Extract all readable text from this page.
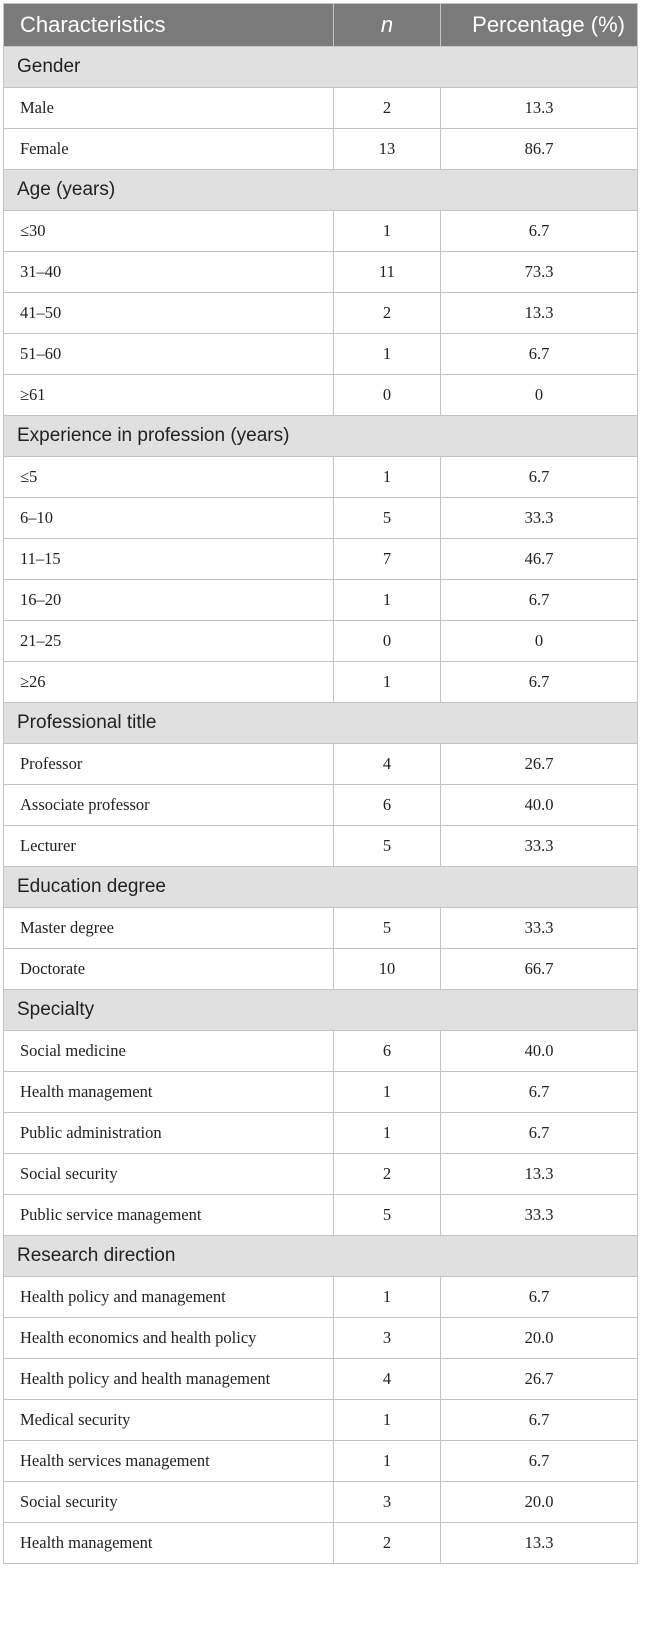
Characteristics	n	Percentage (%)
Gender		
Male	2	13.3
Female	13	86.7
Age (years)		
≤30	1	6.7
31–40	11	73.3
41–50	2	13.3
51–60	1	6.7
≥61	0	0
Experience in profession (years)		
≤5	1	6.7
6–10	5	33.3
11–15	7	46.7
16–20	1	6.7
21–25	0	0
≥26	1	6.7
Professional title		
Professor	4	26.7
Associate professor	6	40.0
Lecturer	5	33.3
Education degree		
Master degree	5	33.3
Doctorate	10	66.7
Specialty		
Social medicine	6	40.0
Health management	1	6.7
Public administration	1	6.7
Social security	2	13.3
Public service management	5	33.3
Research direction		
Health policy and management	1	6.7
Health economics and health policy	3	20.0
Health policy and health management	4	26.7
Medical security	1	6.7
Health services management	1	6.7
Social security	3	20.0
Health management	2	13.3
